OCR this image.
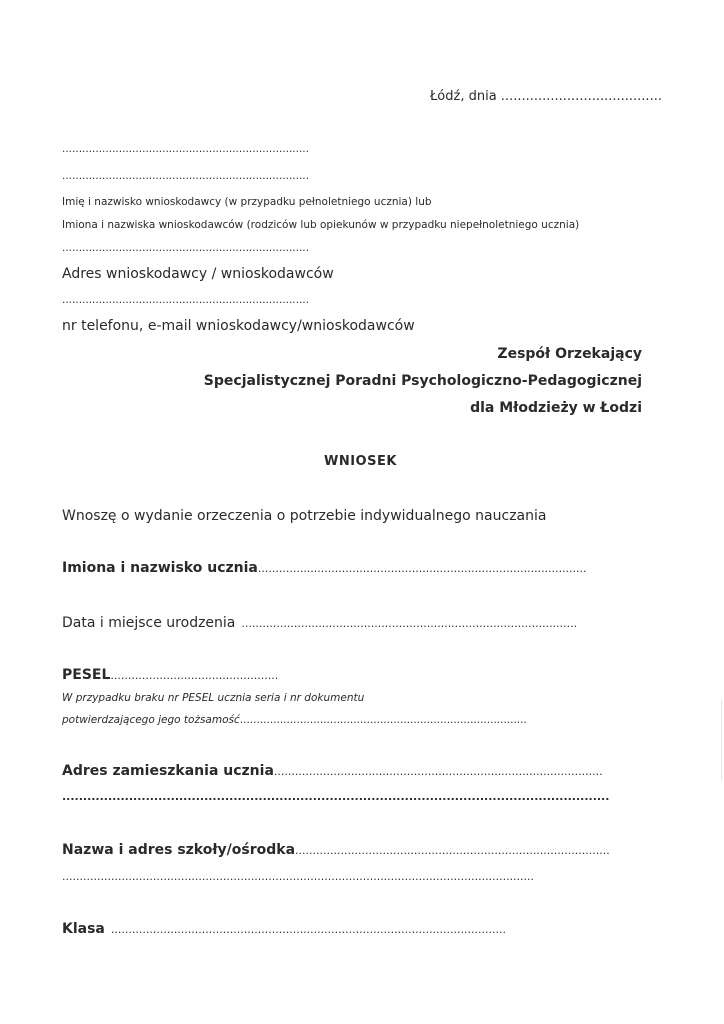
Łódź, dnia .......................................
..........................................................................
..........................................................................
Imię i nazwisko wnioskodawcy (w przypadku pełnoletniego ucznia) lub
Imiona i nazwiska wnioskodawców (rodziców lub opiekunów w przypadku niepełnoletniego ucznia)
..........................................................................
Adres wnioskodawcy / wnioskodawców
..........................................................................
nr telefonu, e-mail wnioskodawcy/wnioskodawców
Zespół Orzekający
Specjalistycznej Poradni Psychologiczno-Pedagogicznej
dla Młodzieży w Łodzi
WNIOSEK
Wnoszę o wydanie orzeczenia o potrzebie indywidualnego nauczania
Imiona i nazwisko ucznia ..............................................................................................
Data i miejsce urodzenia ................................................................................................
PESEL ................................................
W przypadku braku nr PESEL ucznia seria i nr dokumentu
potwierdzającego jego tożsamość ......................................................................................
Adres zamieszkania ucznia ..............................................................................................
...................................................................................................................................
Nazwa i adres szkoły/ośrodka ..........................................................................................
.......................................................................................................................................
Klasa .................................................................................................................
